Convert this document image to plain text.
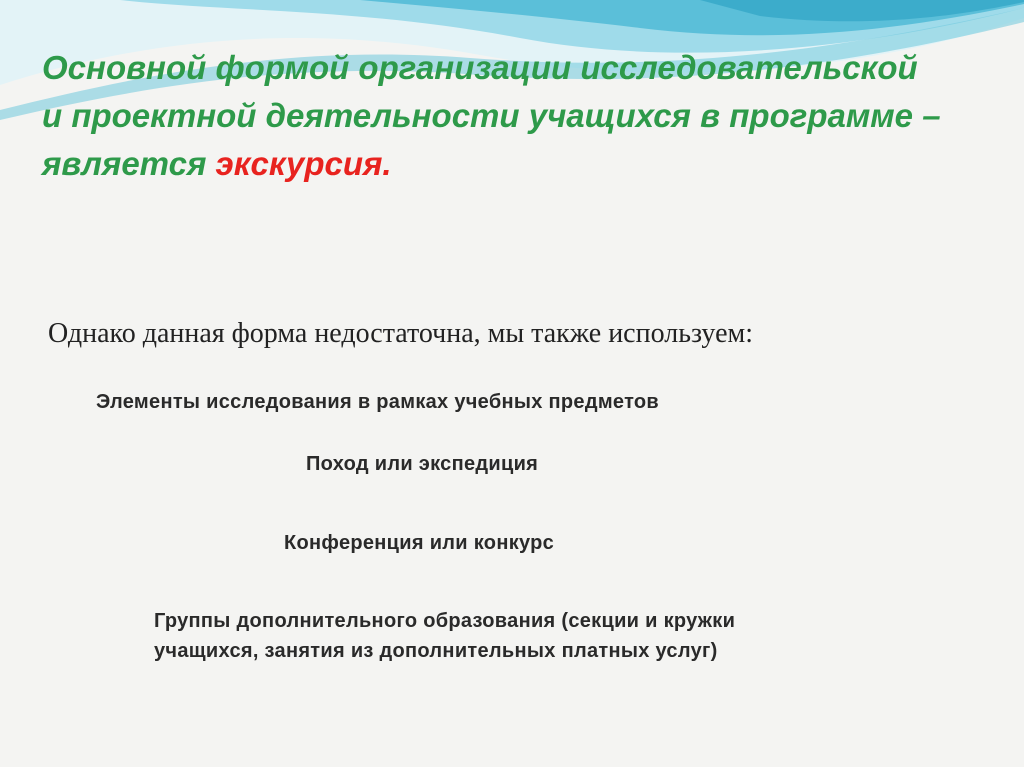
Основной формой организации исследовательской и проектной деятельности учащихся в программе – является экскурсия.

Однако данная форма недостаточна, мы также используем:

Элементы исследования в рамках учебных предметов

Поход или экспедиция

Конференция или конкурс

Группы дополнительного образования (секции и кружки
учащихся, занятия из дополнительных платных услуг)
